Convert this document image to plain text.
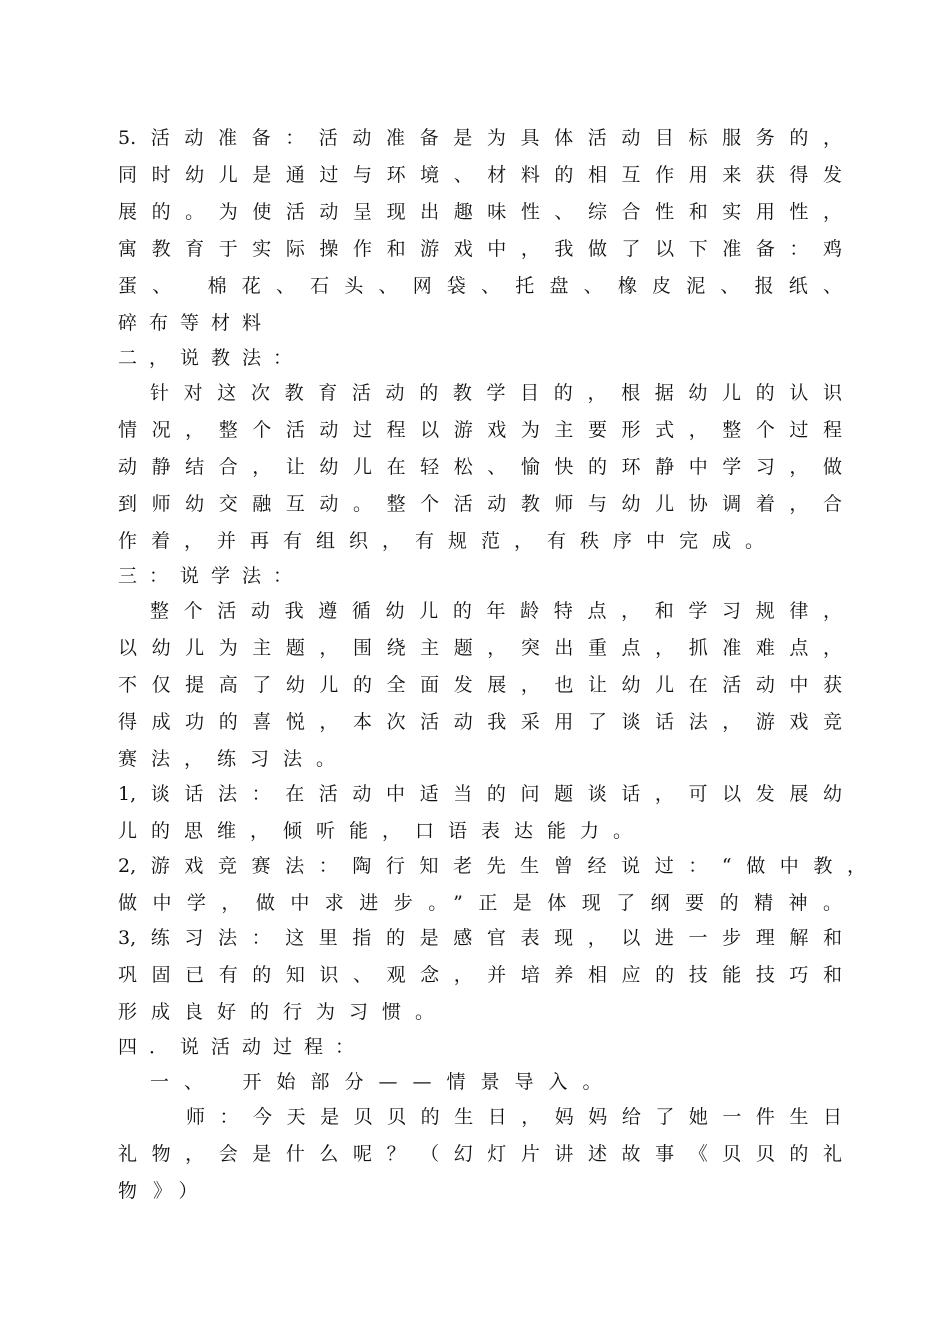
5.活动准备：活动准备是为具体活动目标服务的，
同时幼儿是通过与环境、材料的相互作用来获得发
展的。为使活动呈现出趣味性、综合性和实用性，
寓教育于实际操作和游戏中，我做了以下准备：鸡
蛋、 棉花、石头、网袋、托盘、橡皮泥、报纸、
碎布等材料
二，说教法：
针对这次教育活动的教学目的，根据幼儿的认识
情况，整个活动过程以游戏为主要形式，整个过程
动静结合，让幼儿在轻松、愉快的环静中学习，做
到师幼交融互动。整个活动教师与幼儿协调着，合
作着，并再有组织，有规范，有秩序中完成。
三：说学法：
整个活动我遵循幼儿的年龄特点，和学习规律，
以幼儿为主题，围绕主题，突出重点，抓准难点，
不仅提高了幼儿的全面发展，也让幼儿在活动中获
得成功的喜悦，本次活动我采用了谈话法，游戏竞
赛法，练习法。
1,谈话法：在活动中适当的问题谈话，可以发展幼
儿的思维，倾听能，口语表达能力。
2,游戏竞赛法：陶行知老先生曾经说过：“做中教，
做中学，做中求进步。”正是体现了纲要的精神。
3,练习法：这里指的是感官表现，以进一步理解和
巩固已有的知识、观念，并培养相应的技能技巧和
形成良好的行为习惯。
四．说活动过程：
一、　开始部分——情景导入。
师：今天是贝贝的生日，妈妈给了她一件生日
礼物，会是什么呢？（幻灯片讲述故事《贝贝的礼
物》）
